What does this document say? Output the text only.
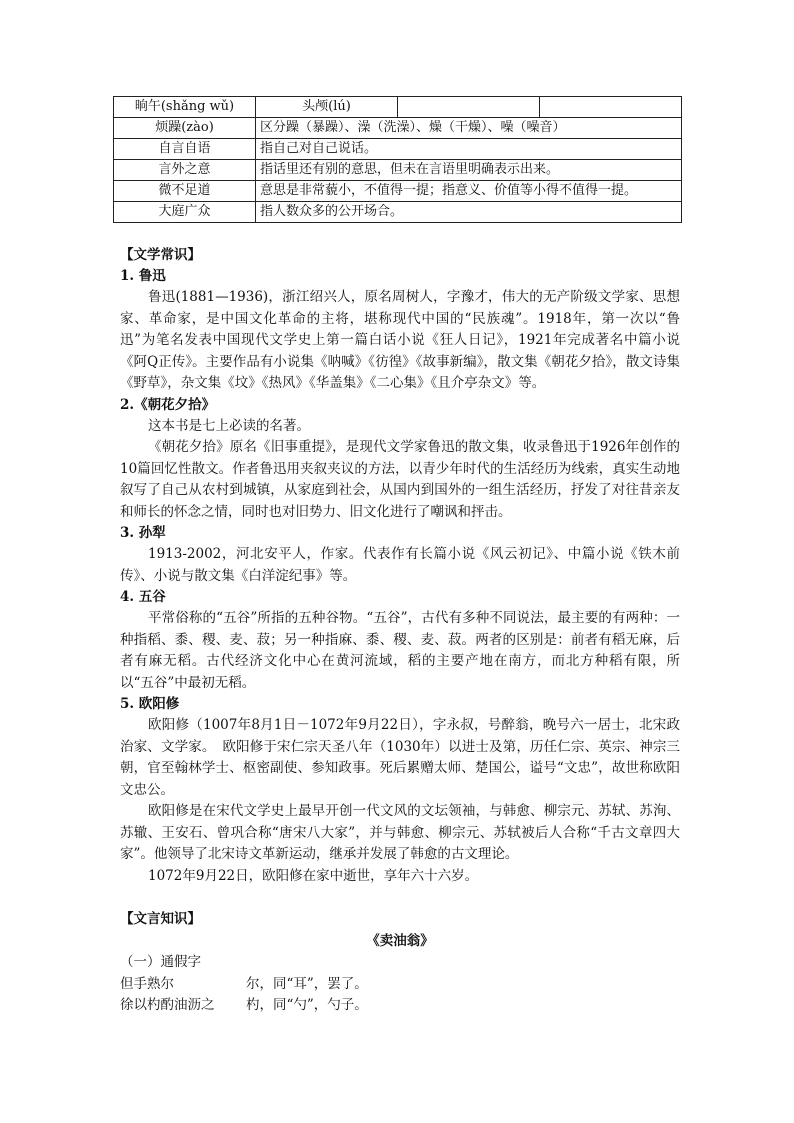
晌午(shǎng wǔ)	头颅(lú)		
烦躁(zào)	区分躁（暴躁）、澡（洗澡）、燥（干燥）、噪（噪音）		
自言自语	指自己对自己说话。		
言外之意	指话里还有别的意思，但未在言语里明确表示出来。		
微不足道	意思是非常藐小，不值得一提；指意义、价值等小得不值得一提。		
大庭广众	指人数众多的公开场合。		

【文学常识】

1. 鲁迅

鲁迅(1881—1936)，浙江绍兴人，原名周树人，字豫才，伟大的无产阶级文学家、思想家、革命家，是中国文化革命的主将，堪称现代中国的“民族魂”。1918年，第一次以“鲁迅”为笔名发表中国现代文学史上第一篇白话小说《狂人日记》，1921年完成著名中篇小说《阿Q正传》。主要作品有小说集《呐喊》《彷徨》《故事新编》，散文集《朝花夕拾》，散文诗集 《野草》，杂文集《坟》《热风》《华盖集》《二心集》《且介亭杂文》等。

2.《朝花夕拾》

这本书是七上必读的名著。

《朝花夕拾》原名《旧事重提》，是现代文学家鲁迅的散文集，收录鲁迅于1926年创作的10篇回忆性散文。作者鲁迅用夹叙夹议的方法，以青少年时代的生活经历为线索，真实生动地叙写了自己从农村到城镇，从家庭到社会，从国内到国外的一组生活经历，抒发了对往昔亲友和师长的怀念之情，同时也对旧势力、旧文化进行了嘲讽和抨击。

3. 孙犁

1913-2002，河北安平人，作家。代表作有长篇小说《风云初记》、中篇小说《铁木前传》、小说与散文集《白洋淀纪事》等。

4. 五谷

平常俗称的“五谷”所指的五种谷物。“五谷”，古代有多种不同说法，最主要的有两种：一种指稻、黍、稷、麦、菽；另一种指麻、黍、稷、麦、菽。两者的区别是：前者有稻无麻，后者有麻无稻。古代经济文化中心在黄河流域，稻的主要产地在南方，而北方种稻有限，所以“五谷”中最初无稻。

5. 欧阳修

欧阳修（1007年8月1日－1072年9月22日），字永叔，号醉翁，晚号六一居士，北宋政治家、文学家。　欧阳修于宋仁宗天圣八年（1030年）以进士及第，历任仁宗、英宗、神宗三朝，官至翰林学士、枢密副使、参知政事。死后累赠太师、楚国公，谥号“文忠”，故世称欧阳文忠公。

欧阳修是在宋代文学史上最早开创一代文风的文坛领袖，与韩愈、柳宗元、苏轼、苏洵、苏辙、王安石、曾巩合称“唐宋八大家”，并与韩愈、柳宗元、苏轼被后人合称“千古文章四大家”。他领导了北宋诗文革新运动，继承并发展了韩愈的古文理论。

1072年9月22日，欧阳修在家中逝世，享年六十六岁。

【文言知识】

《卖油翁》

（一）通假字

但手熟尔	尔，同“耳”，罢了。
徐以杓酌油沥之	杓，同“勺”，勺子。
